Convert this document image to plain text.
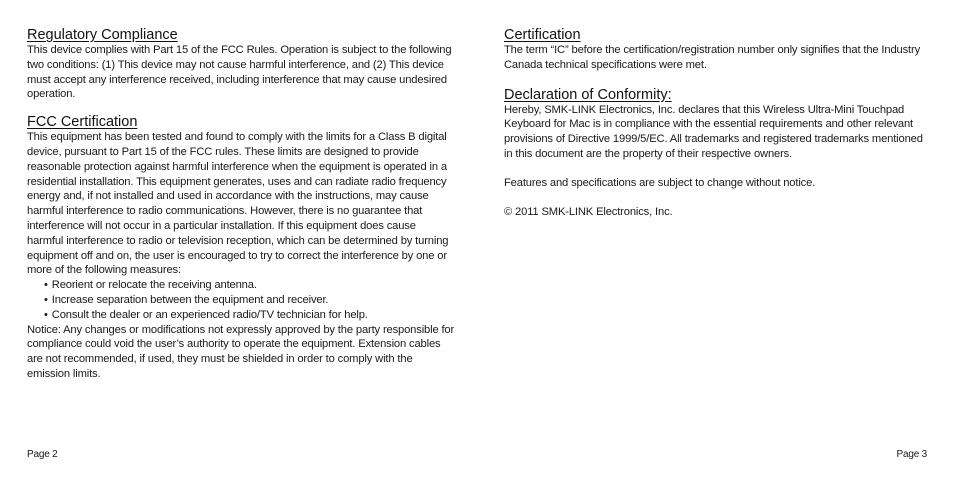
Regulatory Compliance

This device complies with Part 15 of the FCC Rules. Operation is subject to the following two conditions: (1) This device may not cause harmful interference, and (2) This device must accept any interference received, including interference that may cause undesired operation.

FCC Certification

This equipment has been tested and found to comply with the limits for a Class B digital device, pursuant to Part 15 of the FCC rules. These limits are designed to provide reasonable protection against harmful interference when the equipment is operated in a residential installation. This equipment generates, uses and can radiate radio frequency energy and, if not installed and used in accordance with the instructions, may cause harmful interference to radio communications. However, there is no guarantee that interference will not occur in a particular installation. If this equipment does cause harmful interference to radio or television reception, which can be determined by turning equipment off and on, the user is encouraged to try to correct the interference by one or more of the following measures:

• Reorient or relocate the receiving antenna.
• Increase separation between the equipment and receiver.
• Consult the dealer or an experienced radio/TV technician for help.

Notice: Any changes or modifications not expressly approved by the party responsible for compliance could void the user’s authority to operate the equipment. Extension cables are not recommended, if used, they must be shielded in order to comply with the emission limits.

Certification

The term “IC” before the certification/registration number only signifies that the Industry Canada technical specifications were met.

Declaration of Conformity:

Hereby, SMK-LINK Electronics, Inc. declares that this Wireless Ultra-Mini Touchpad Keyboard for Mac is in compliance with the essential requirements and other relevant provisions of Directive 1999/5/EC. All trademarks and registered trademarks mentioned in this document are the property of their respective owners.

Features and specifications are subject to change without notice.

© 2011 SMK-LINK Electronics, Inc.

Page 2	Page 3
